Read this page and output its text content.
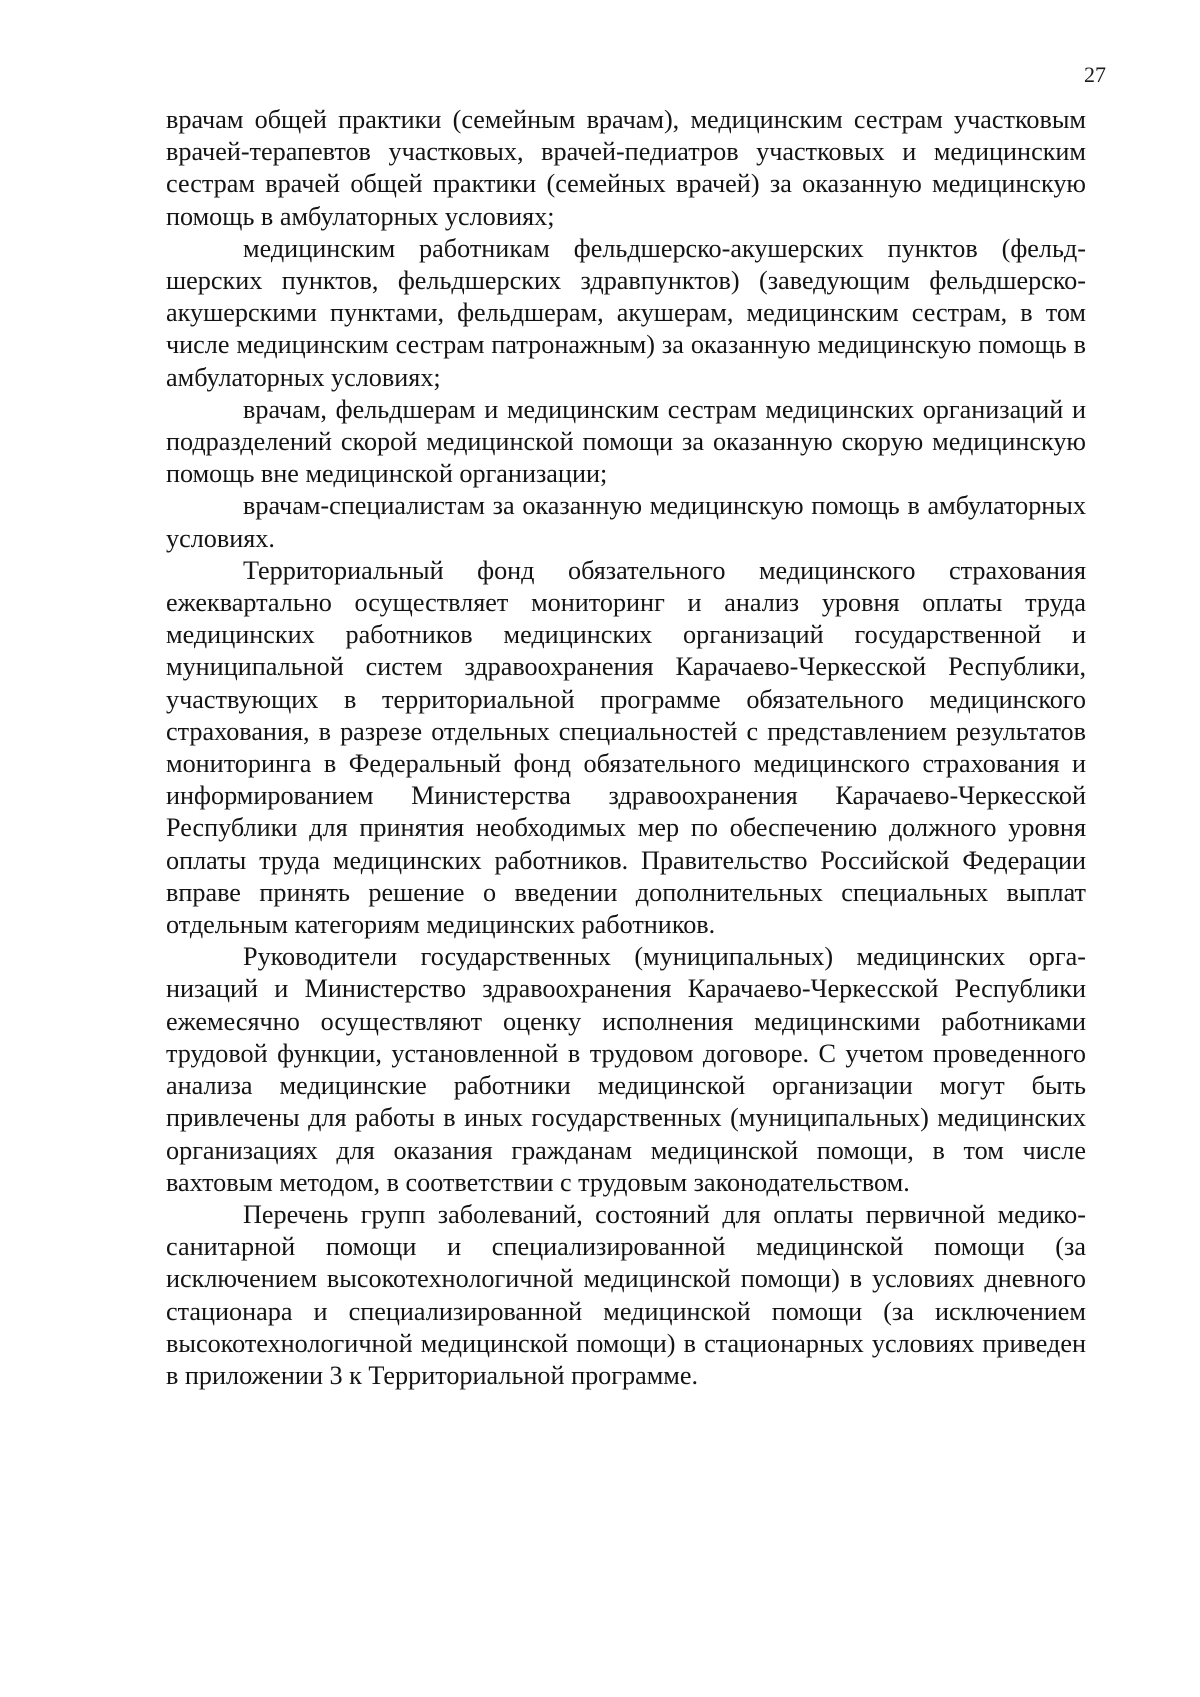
27

врачам общей практики (семейным врачам), медицинским сестрам участковым врачей-терапевтов участковых, врачей-педиатров участковых и медицинским сестрам врачей общей практики (семейных врачей) за оказанную медицинскую помощь в амбулаторных условиях;

медицинским работникам фельдшерско-акушерских пунктов (фельдшерских пунктов, фельдшерских здравпунктов) (заведующим фельдшерско-акушерскими пунктами, фельдшерам, акушерам, медицинским сестрам, в том числе медицинским сестрам патронажным) за оказанную медицинскую помощь в амбулаторных условиях;

врачам, фельдшерам и медицинским сестрам медицинских организаций и подразделений скорой медицинской помощи за оказанную скорую медицинскую помощь вне медицинской организации;

врачам-специалистам за оказанную медицинскую помощь в амбулаторных условиях.

Территориальный фонд обязательного медицинского страхования ежеквартально осуществляет мониторинг и анализ уровня оплаты труда медицинских работников медицинских организаций государственной и муниципальной систем здравоохранения Карачаево-Черкесской Республики, участвующих в территориальной программе обязательного медицинского страхования, в разрезе отдельных специальностей с представлением результатов мониторинга в Федеральный фонд обязательного медицинского страхования и информированием Министерства здравоохранения Карачаево-Черкесской Республики для принятия необходимых мер по обеспечению должного уровня оплаты труда медицинских работников. Правительство Российской Федерации вправе принять решение о введении дополнительных специальных выплат отдельным категориям медицинских работников.

Руководители государственных (муниципальных) медицинских организаций и Министерство здравоохранения Карачаево-Черкесской Республики ежемесячно осуществляют оценку исполнения медицинскими работниками трудовой функции, установленной в трудовом договоре. С учетом проведенного анализа медицинские работники медицинской организации могут быть привлечены для работы в иных государственных (муниципальных) медицинских организациях для оказания гражданам медицинской помощи, в том числе вахтовым методом, в соответствии с трудовым законодательством.

Перечень групп заболеваний, состояний для оплаты первичной медико-санитарной помощи и специализированной медицинской помощи (за исключением высокотехнологичной медицинской помощи) в условиях дневного стационара и специализированной медицинской помощи (за исключением высокотехнологичной медицинской помощи) в стационарных условиях приведен в приложении 3 к Территориальной программе.
